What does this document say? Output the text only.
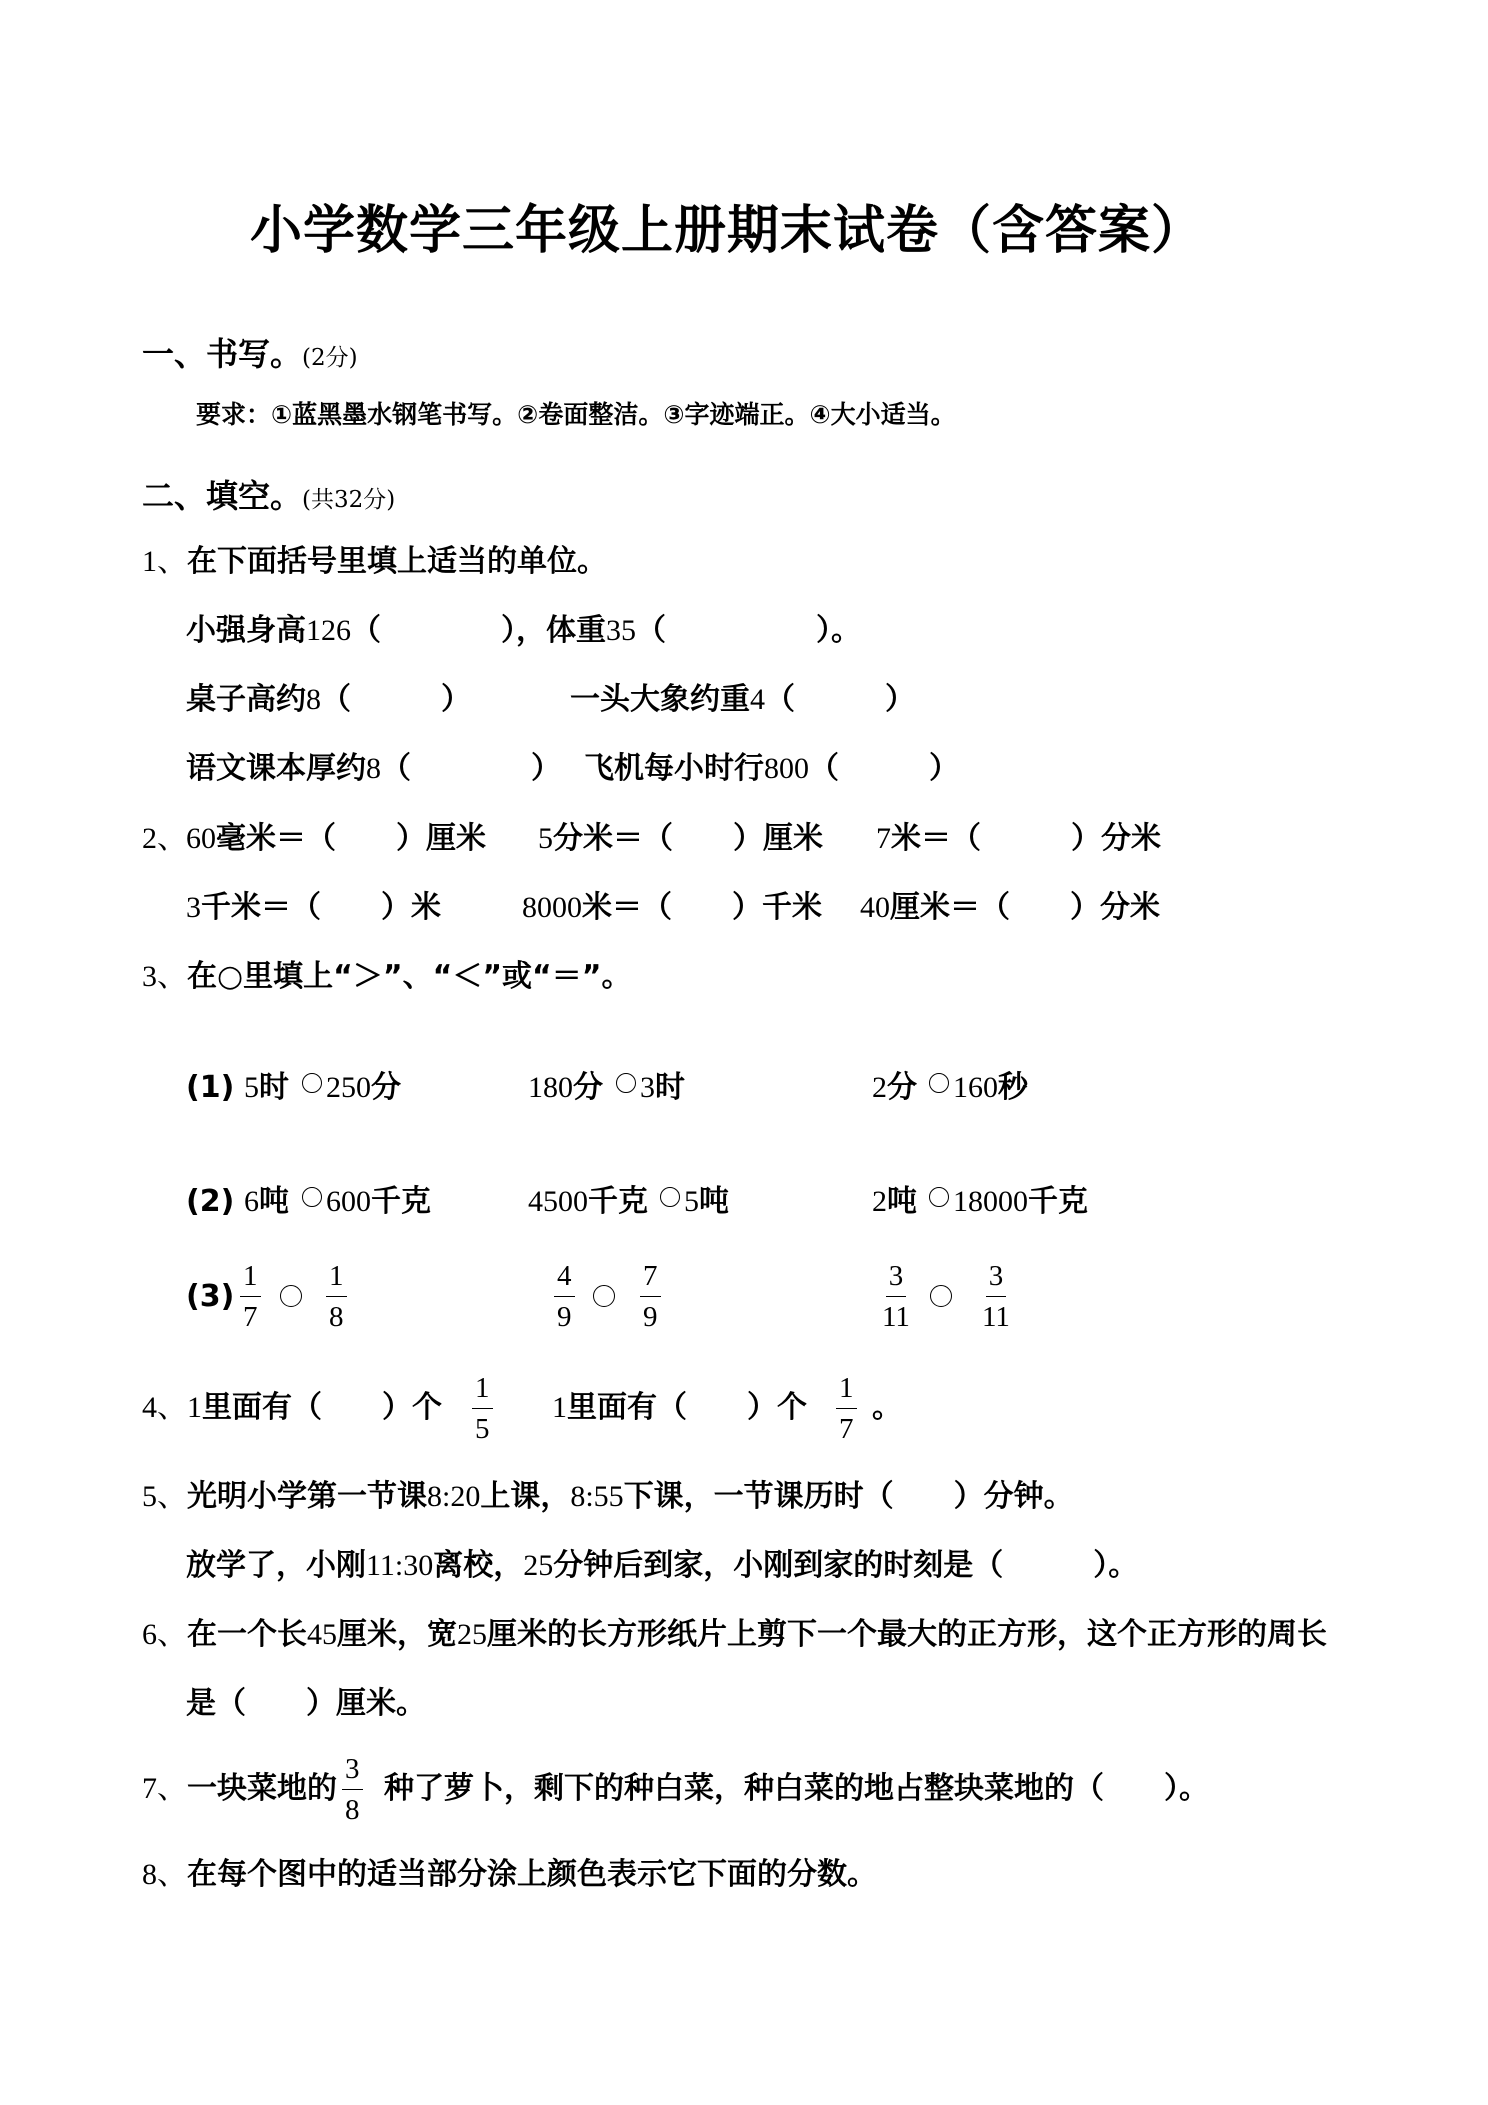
小学数学三年级上册期末试卷（含答案）
一、书写。(2分)
要求：①蓝黑墨水钢笔书写。②卷面整洁。③字迹端正。④大小适当。
二、填空。(共32分)
1、在下面括号里填上适当的单位。
小强身高126（　　　　），体重35（　　　　　）。
桌子高约8（　　　）	一头大象约重4（　　　）
语文课本厚约8（　　　　） 飞机每小时行800（　　　）
2、 60毫米＝（　　）厘米 5分米＝（　　）厘米 7米＝（　　　）分米
3千米＝（　　）米	8000米＝（　　）千米 40厘米＝（　　）分米
3、在○里填上“＞”、“＜”或“＝”。
(1) 5时 250分	180分 3时	2分 160秒
(2) 6吨 600千克	4500千克 5吨	2吨 18000千克
$(3) \frac{1}{7} \frac{1}{8}$	$\frac{4}{9} \frac{7}{9}$	$\frac{3}{11} \frac{3}{11}$
4、1里面有（　　）个 $\frac{1}{5} 1$里面有（　　）个 $\frac{1}{7}$ 。
5、光明小学第一节课8:20上课，8:55下课，一节课历时（　　）分钟。
放学了，小刚11:30离校，25分钟后到家，小刚到家的时刻是（　　　）。
6、在一个长45厘米，宽25厘米的长方形纸片上剪下一个最大的正方形，这个正方形的周长
是（　　）厘米。
7、一块菜地的 $\frac{3}{8}$ 种了萝卜，剩下的种白菜，种白菜的地占整块菜地的（　　）。
8、在每个图中的适当部分涂上颜色表示它下面的分数。
